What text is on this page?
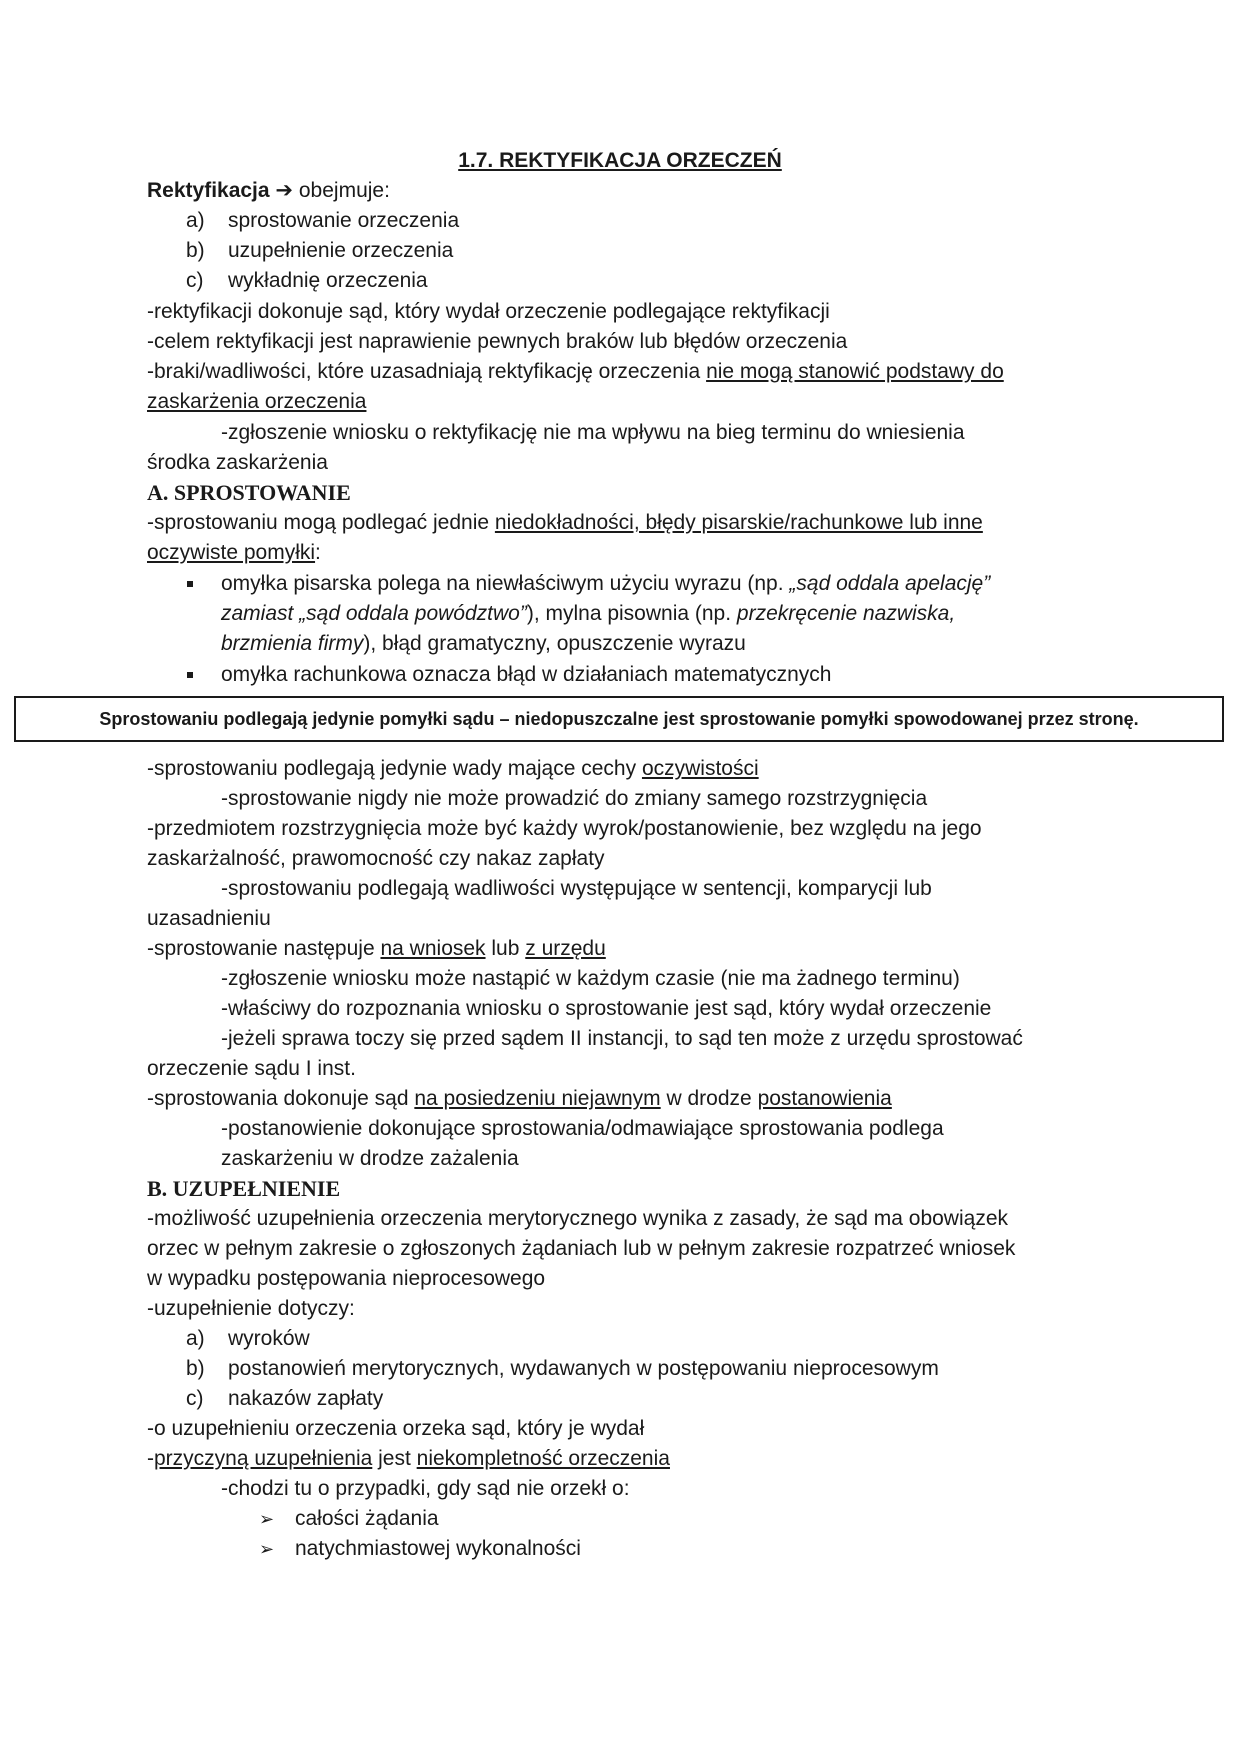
1.7. REKTYFIKACJA ORZECZEŃ
Rektyfikacja ➔ obejmuje:
a) sprostowanie orzeczenia
b) uzupełnienie orzeczenia
c) wykładnię orzeczenia
-rektyfikacji dokonuje sąd, który wydał orzeczenie podlegające rektyfikacji
-celem rektyfikacji jest naprawienie pewnych braków lub błędów orzeczenia
-braki/wadliwości, które uzasadniają rektyfikację orzeczenia nie mogą stanowić podstawy do
zaskarżenia orzeczenia
-zgłoszenie wniosku o rektyfikację nie ma wpływu na bieg terminu do wniesienia
środka zaskarżenia
A. SPROSTOWANIE
-sprostowaniu mogą podlegać jednie niedokładności, błędy pisarskie/rachunkowe lub inne
oczywiste pomyłki:
omyłka pisarska polega na niewłaściwym użyciu wyrazu (np. „sąd oddala apelację”
zamiast „sąd oddala powództwo”), mylna pisownia (np. przekręcenie nazwiska,
brzmienia firmy), błąd gramatyczny, opuszczenie wyrazu
omyłka rachunkowa oznacza błąd w działaniach matematycznych
Sprostowaniu podlegają jedynie pomyłki sądu – niedopuszczalne jest sprostowanie pomyłki spowodowanej przez stronę.
-sprostowaniu podlegają jedynie wady mające cechy oczywistości
-sprostowanie nigdy nie może prowadzić do zmiany samego rozstrzygnięcia
-przedmiotem rozstrzygnięcia może być każdy wyrok/postanowienie, bez względu na jego
zaskarżalność, prawomocność czy nakaz zapłaty
-sprostowaniu podlegają wadliwości występujące w sentencji, komparycji lub
uzasadnieniu
-sprostowanie następuje na wniosek lub z urzędu
-zgłoszenie wniosku może nastąpić w każdym czasie (nie ma żadnego terminu)
-właściwy do rozpoznania wniosku o sprostowanie jest sąd, który wydał orzeczenie
-jeżeli sprawa toczy się przed sądem II instancji, to sąd ten może z urzędu sprostować
orzeczenie sądu I inst.
-sprostowania dokonuje sąd na posiedzeniu niejawnym w drodze postanowienia
-postanowienie dokonujące sprostowania/odmawiające sprostowania podlega
zaskarżeniu w drodze zażalenia
B. UZUPEŁNIENIE
-możliwość uzupełnienia orzeczenia merytorycznego wynika z zasady, że sąd ma obowiązek
orzec w pełnym zakresie o zgłoszonych żądaniach lub w pełnym zakresie rozpatrzeć wniosek
w wypadku postępowania nieprocesowego
-uzupełnienie dotyczy:
a) wyroków
b) postanowień merytorycznych, wydawanych w postępowaniu nieprocesowym
c) nakazów zapłaty
-o uzupełnieniu orzeczenia orzeka sąd, który je wydał
-przyczyną uzupełnienia jest niekompletność orzeczenia
-chodzi tu o przypadki, gdy sąd nie orzekł o:
➢ całości żądania
➢ natychmiastowej wykonalności
